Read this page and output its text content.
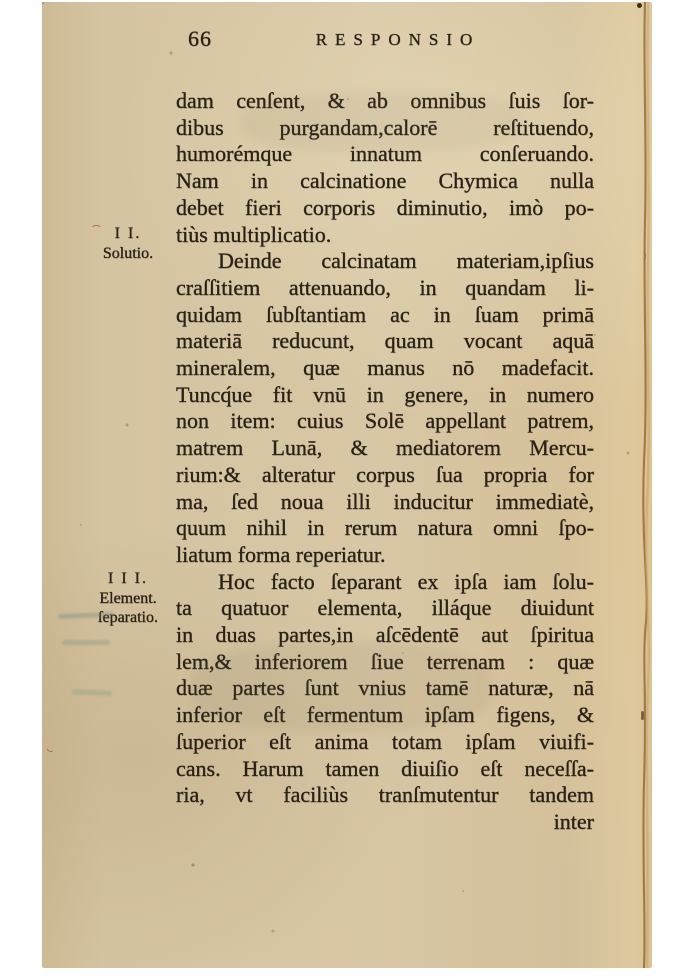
66	RESPONSIO
I I.
Solutio.
I I I.
Element.
ſeparatio.
dam cenſent, & ab omnibus ſuis ſor-
dibus purgandam,calorē reſtituendo,
humorémque innatum conſeruando.
Nam in calcinatione Chymica nulla
debet fieri corporis diminutio, imò po-
tiùs multiplicatio.
Deinde calcinatam materiam,ipſius
craſſitiem attenuando, in quandam li-
quidam ſubſtantiam ac in ſuam primā
materiā reducunt, quam vocant aquā
mineralem, quæ manus nō madefacit.
Tuncq́ue fit vnū in genere, in numero
non item: cuius Solē appellant patrem,
matrem Lunā, & mediatorem Mercu-
rium:& alteratur corpus ſua propria for
ma, ſed noua illi inducitur immediatè,
quum nihil in rerum natura omni ſpo-
liatum forma reperiatur.
Hoc facto ſeparant ex ipſa iam ſolu-
ta quatuor elementa, illáque diuidunt
in duas partes,in aſcēdentē aut ſpiritua
lem,& inferiorem ſiue terrenam : quæ
duæ partes ſunt vnius tamē naturæ, nā
inferior eſt fermentum ipſam figens, &
ſuperior eſt anima totam ipſam viuifi-
cans. Harum tamen diuiſio eſt neceſſa-
ria, vt faciliùs tranſmutentur tandem
inter
